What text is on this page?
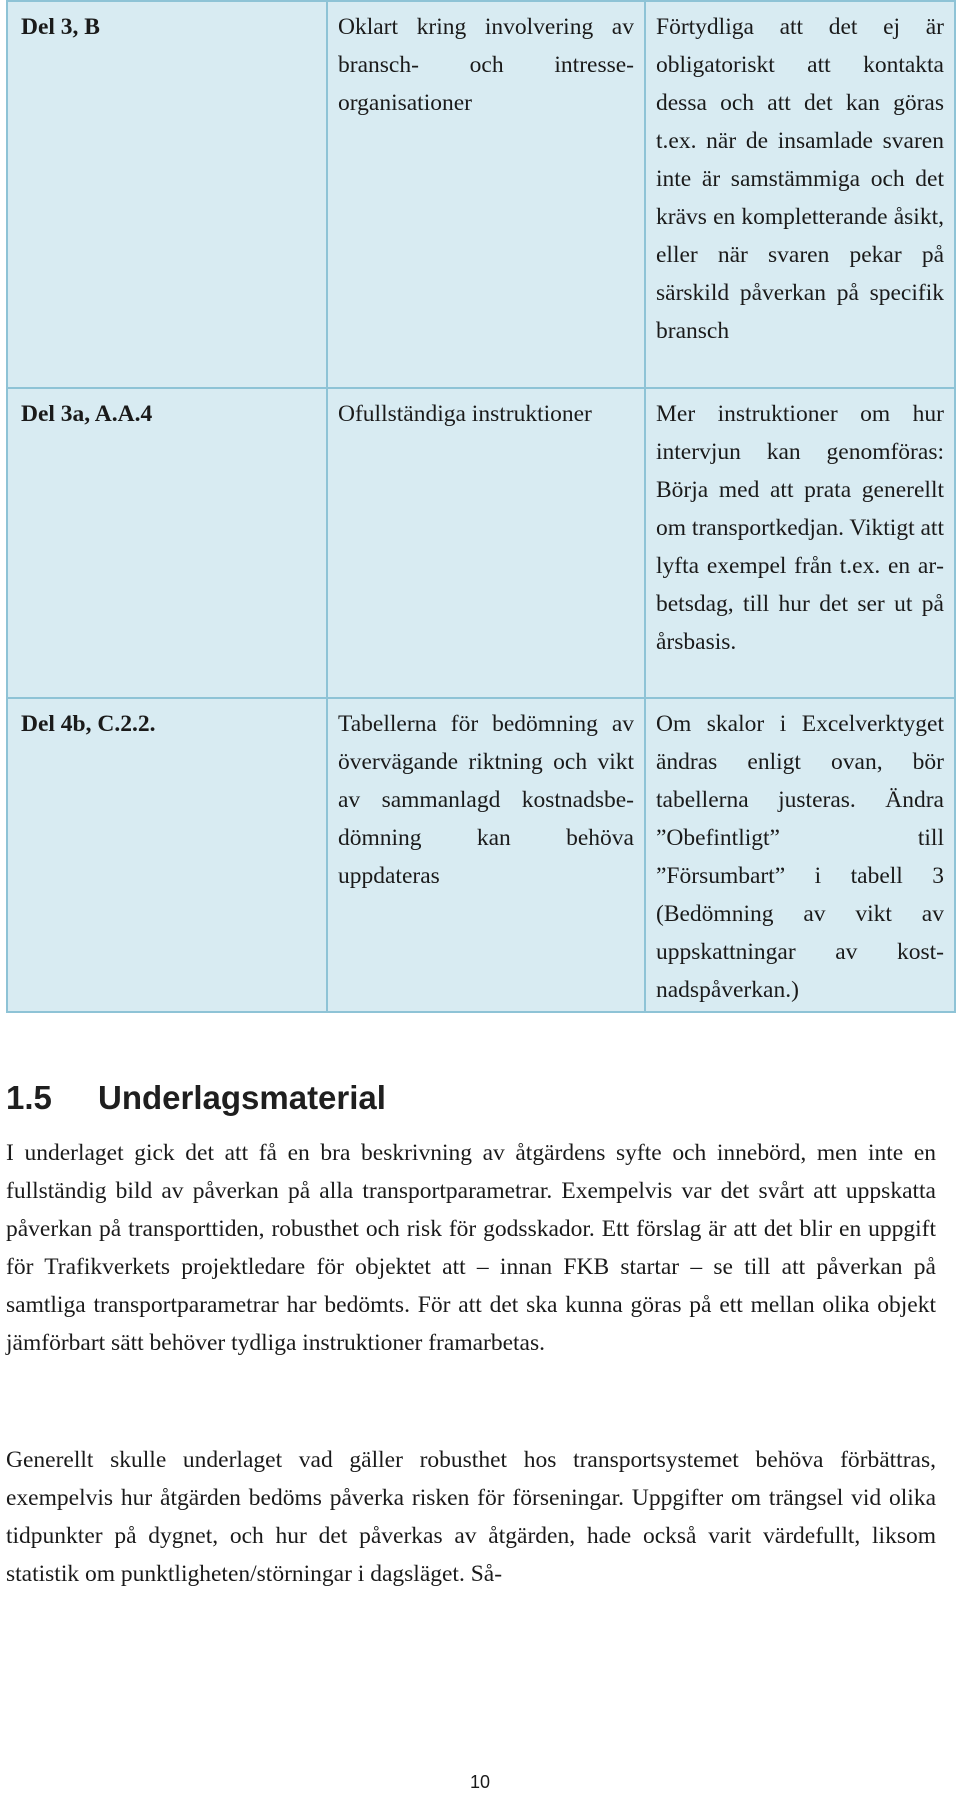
Del 3, B	Oklart kring involvering av bransch- och intresseorganisationer	Förtydliga att det ej är obligatoriskt att kontakta dessa och att det kan göras t.ex. när de insamlade svaren inte är samstämmiga och det krävs en kompletterande åsikt, eller när svaren pekar på särskild påverkan på specifik bransch
Del 3a, A.A.4	Ofullständiga instruktioner	Mer instruktioner om hur intervjun kan genomföras: Börja med att prata generellt om transportkedjan. Viktigt att lyfta exempel från t.ex. en arbetsdag, till hur det ser ut på årsbasis.
Del 4b, C.2.2.	Tabellerna för bedömning av övervägande riktning och vikt av sammanlagd kostnadsbedömning kan behöva uppdateras	Om skalor i Excelverktyget ändras enligt ovan, bör tabellerna justeras. Ändra ”Obefintligt” till ”Försumbart” i tabell 3 (Bedömning av vikt av uppskattningar av kostnadspåverkan.)
1.5 Underlagsmaterial

I underlaget gick det att få en bra beskrivning av åtgärdens syfte och innebörd, men inte en fullständig bild av påverkan på alla transportparametrar. Exempelvis var det svårt att uppskatta påverkan på transporttiden, robusthet och risk för godsskador. Ett förslag är att det blir en uppgift för Trafikverkets projektledare för objektet att – innan FKB startar – se till att påverkan på samtliga transportparametrar har bedömts. För att det ska kunna göras på ett mellan olika objekt jämförbart sätt behöver tydliga instruktioner framarbetas.

Generellt skulle underlaget vad gäller robusthet hos transportsystemet behöva förbättras, exempelvis hur åtgärden bedöms påverka risken för förseningar. Uppgifter om trängsel vid olika tidpunkter på dygnet, och hur det påverkas av åtgärden, hade också varit värdefullt, liksom statistik om punktligheten/störningar i dagsläget. Så-

10
